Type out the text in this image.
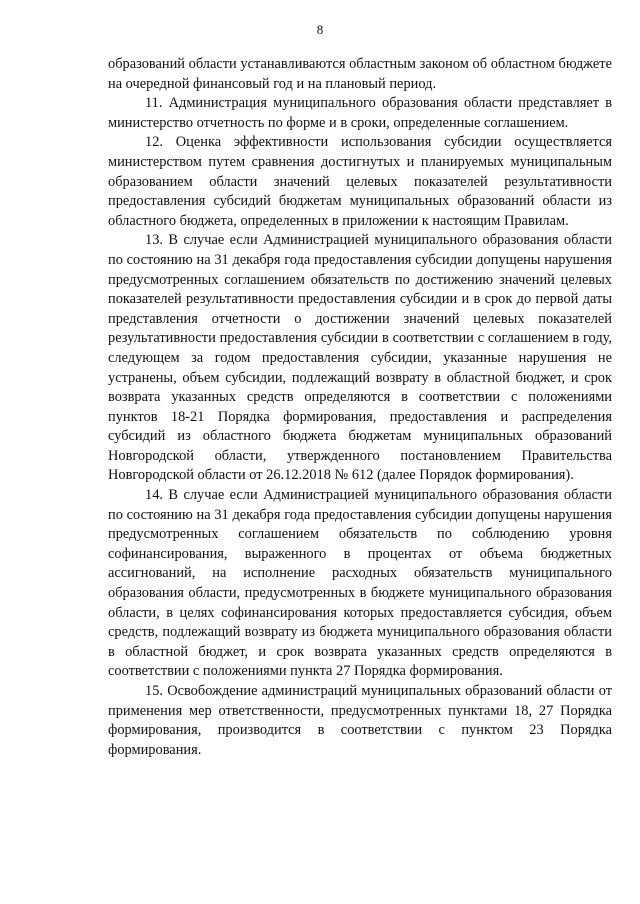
8

образований области устанавливаются областным законом об областном бюджете на очередной финансовый год и на плановый период.

11. Администрация муниципального образования области представляет в министерство отчетность по форме и в сроки, определенные соглашением.

12. Оценка эффективности использования субсидии осуществляется министерством путем сравнения достигнутых и планируемых муниципальным образованием области значений целевых показателей результативности предоставления субсидий бюджетам муниципальных образований области из областного бюджета, определенных в приложении к настоящим Правилам.

13. В случае если Администрацией муниципального образования области по состоянию на 31 декабря года предоставления субсидии допущены нарушения предусмотренных соглашением обязательств по достижению значений целевых показателей результативности предоставления субсидии и в срок до первой даты представления отчетности о достижении значений целевых показателей результативности предоставления субсидии в соответствии с соглашением в году, следующем за годом предоставления субсидии, указанные нарушения не устранены, объем субсидии, подлежащий возврату в областной бюджет, и срок возврата указанных средств определяются в соответствии с положениями пунктов 18-21 Порядка формирования, предоставления и распределения субсидий из областного бюджета бюджетам муниципальных образований Новгородской области, утвержденного постановлением Правительства Новгородской области от 26.12.2018 № 612 (далее Порядок формирования).

14. В случае если Администрацией муниципального образования области по состоянию на 31 декабря года предоставления субсидии допущены нарушения предусмотренных соглашением обязательств по соблюдению уровня софинансирования, выраженного в процентах от объема бюджетных ассигнований, на исполнение расходных обязательств муниципального образования области, предусмотренных в бюджете муниципального образования области, в целях софинансирования которых предоставляется субсидия, объем средств, подлежащий возврату из бюджета муниципального образования области в областной бюджет, и срок возврата указанных средств определяются в соответствии с положениями пункта 27 Порядка формирования.

15. Освобождение администраций муниципальных образований области от применения мер ответственности, предусмотренных пунктами 18, 27 Порядка формирования, производится в соответствии с пунктом 23 Порядка формирования.
